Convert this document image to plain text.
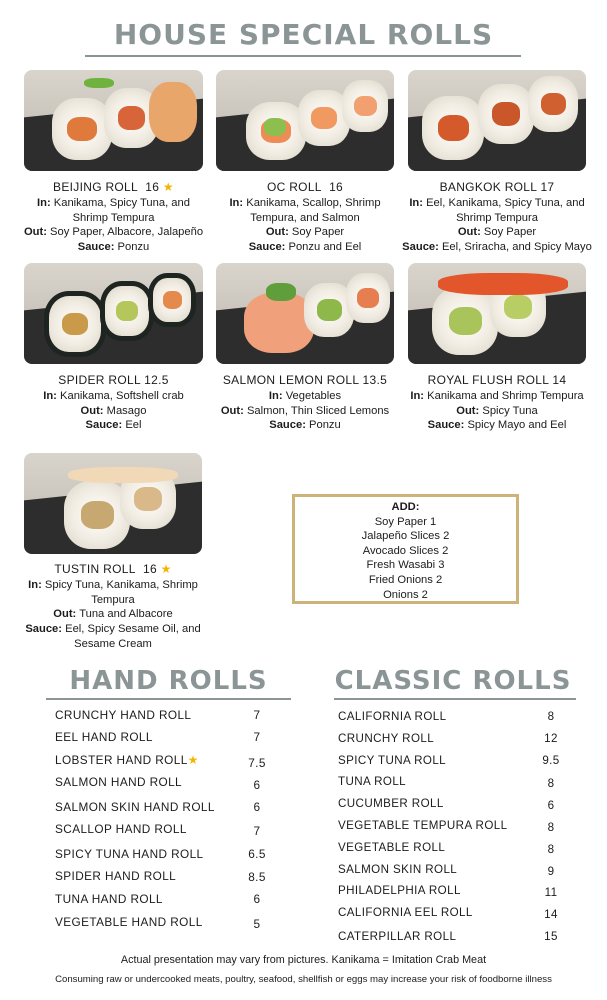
HOUSE SPECIAL ROLLS
BEIJING ROLL 16 ★
In: Kanikama, Spicy Tuna, and Shrimp Tempura
Out: Soy Paper, Albacore, Jalapeño
Sauce: Ponzu
OC ROLL 16
In: Kanikama, Scallop, Shrimp Tempura, and Salmon
Out: Soy Paper
Sauce: Ponzu and Eel
BANGKOK ROLL 17
In: Eel, Kanikama, Spicy Tuna, and Shrimp Tempura
Out: Soy Paper
Sauce: Eel, Sriracha, and Spicy Mayo
SPIDER ROLL 12.5
In: Kanikama, Softshell crab
Out: Masago
Sauce: Eel
SALMON LEMON ROLL 13.5
In: Vegetables
Out: Salmon, Thin Sliced Lemons
Sauce: Ponzu
ROYAL FLUSH ROLL 14
In: Kanikama and Shrimp Tempura
Out: Spicy Tuna
Sauce: Spicy Mayo and Eel
TUSTIN ROLL 16 ★
In: Spicy Tuna, Kanikama, Shrimp Tempura
Out: Tuna and Albacore
Sauce: Eel, Spicy Sesame Oil, and Sesame Cream
ADD:
Soy Paper 1
Jalapeño Slices 2
Avocado Slices 2
Fresh Wasabi 3
Fried Onions 2
Onions 2
HAND ROLLS
CRUNCHY HAND ROLL	7
EEL HAND ROLL	7
LOBSTER HAND ROLL★	7.5
SALMON HAND ROLL	6
SALMON SKIN HAND ROLL	6
SCALLOP HAND ROLL	7
SPICY TUNA HAND ROLL	6.5
SPIDER HAND ROLL	8.5
TUNA HAND ROLL	6
VEGETABLE HAND ROLL	5
CLASSIC ROLLS
CALIFORNIA ROLL	8
CRUNCHY ROLL	12
SPICY TUNA ROLL	9.5
TUNA ROLL	8
CUCUMBER ROLL	6
VEGETABLE TEMPURA ROLL	8
VEGETABLE ROLL	8
SALMON SKIN ROLL	9
PHILADELPHIA ROLL	11
CALIFORNIA EEL ROLL	14
CATERPILLAR ROLL	15
Actual presentation may vary from pictures. Kanikama = Imitation Crab Meat
Consuming raw or undercooked meats, poultry, seafood, shellfish or eggs may increase your risk of foodborne illness
